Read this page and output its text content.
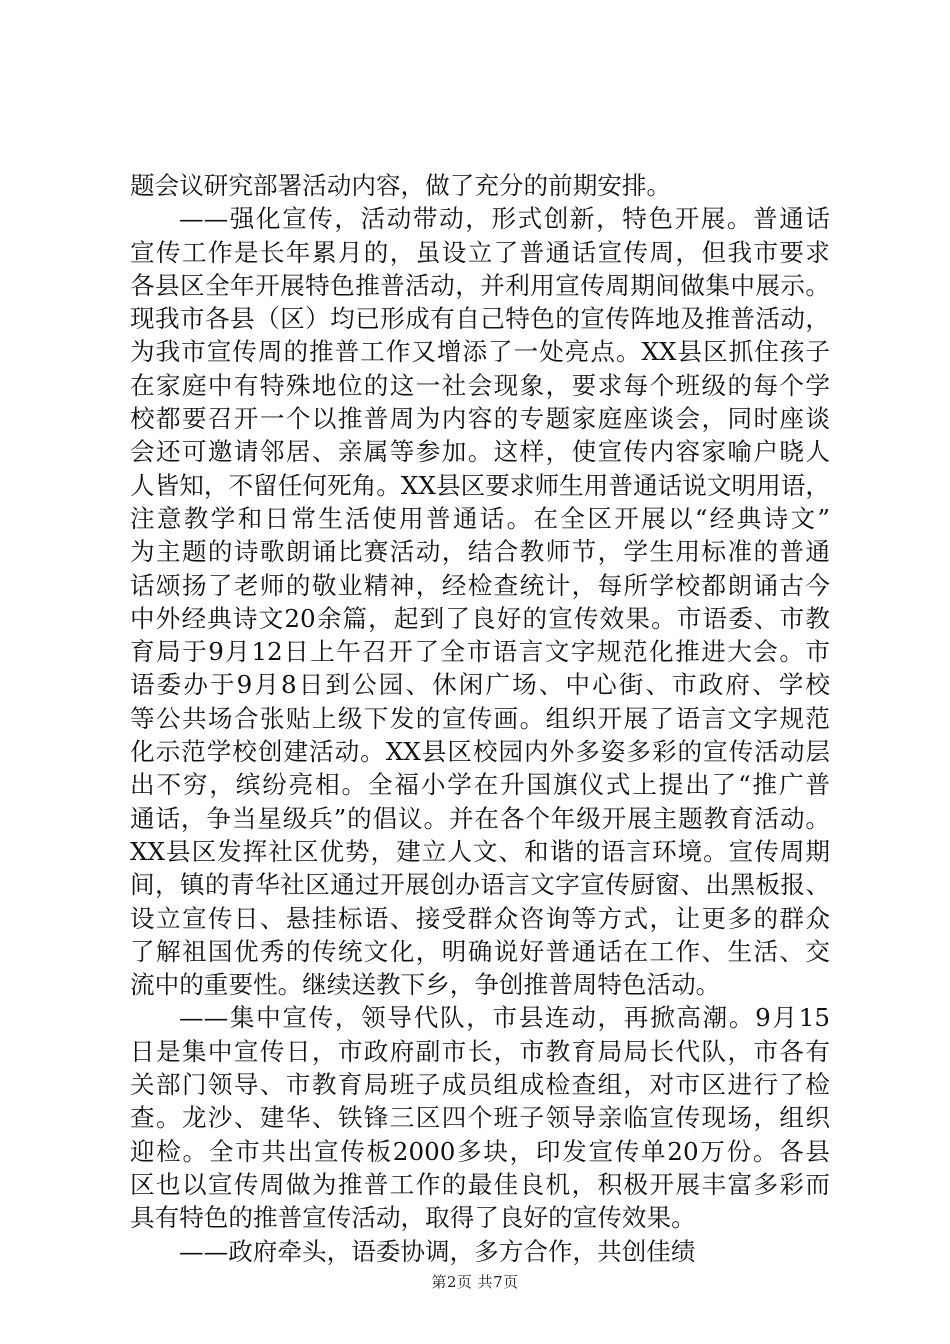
题会议研究部署活动内容，做了充分的前期安排。
——强化宣传，活动带动，形式创新，特色开展。普通话
宣传工作是长年累月的，虽设立了普通话宣传周，但我市要求
各县区全年开展特色推普活动，并利用宣传周期间做集中展示。
现我市各县（区）均已形成有自己特色的宣传阵地及推普活动，
为我市宣传周的推普工作又增添了一处亮点。XX县区抓住孩子
在家庭中有特殊地位的这一社会现象，要求每个班级的每个学
校都要召开一个以推普周为内容的专题家庭座谈会，同时座谈
会还可邀请邻居、亲属等参加。这样，使宣传内容家喻户晓人
人皆知，不留任何死角。XX县区要求师生用普通话说文明用语，
注意教学和日常生活使用普通话。在全区开展以“经典诗文”
为主题的诗歌朗诵比赛活动，结合教师节，学生用标准的普通
话颂扬了老师的敬业精神，经检查统计，每所学校都朗诵古今
中外经典诗文20余篇，起到了良好的宣传效果。市语委、市教
育局于9月12日上午召开了全市语言文字规范化推进大会。市
语委办于9月8日到公园、休闲广场、中心街、市政府、学校
等公共场合张贴上级下发的宣传画。组织开展了语言文字规范
化示范学校创建活动。XX县区校园内外多姿多彩的宣传活动层
出不穷，缤纷亮相。全福小学在升国旗仪式上提出了“推广普
通话，争当星级兵”的倡议。并在各个年级开展主题教育活动。
XX县区发挥社区优势，建立人文、和谐的语言环境。宣传周期
间，镇的青华社区通过开展创办语言文字宣传厨窗、出黑板报、
设立宣传日、悬挂标语、接受群众咨询等方式，让更多的群众
了解祖国优秀的传统文化，明确说好普通话在工作、生活、交
流中的重要性。继续送教下乡，争创推普周特色活动。
——集中宣传，领导代队，市县连动，再掀高潮。9月15
日是集中宣传日，市政府副市长，市教育局局长代队，市各有
关部门领导、市教育局班子成员组成检查组，对市区进行了检
查。龙沙、建华、铁锋三区四个班子领导亲临宣传现场，组织
迎检。全市共出宣传板2000多块，印发宣传单20万份。各县
区也以宣传周做为推普工作的最佳良机，积极开展丰富多彩而
具有特色的推普宣传活动，取得了良好的宣传效果。
——政府牵头，语委协调，多方合作，共创佳绩
第2页 共7页
